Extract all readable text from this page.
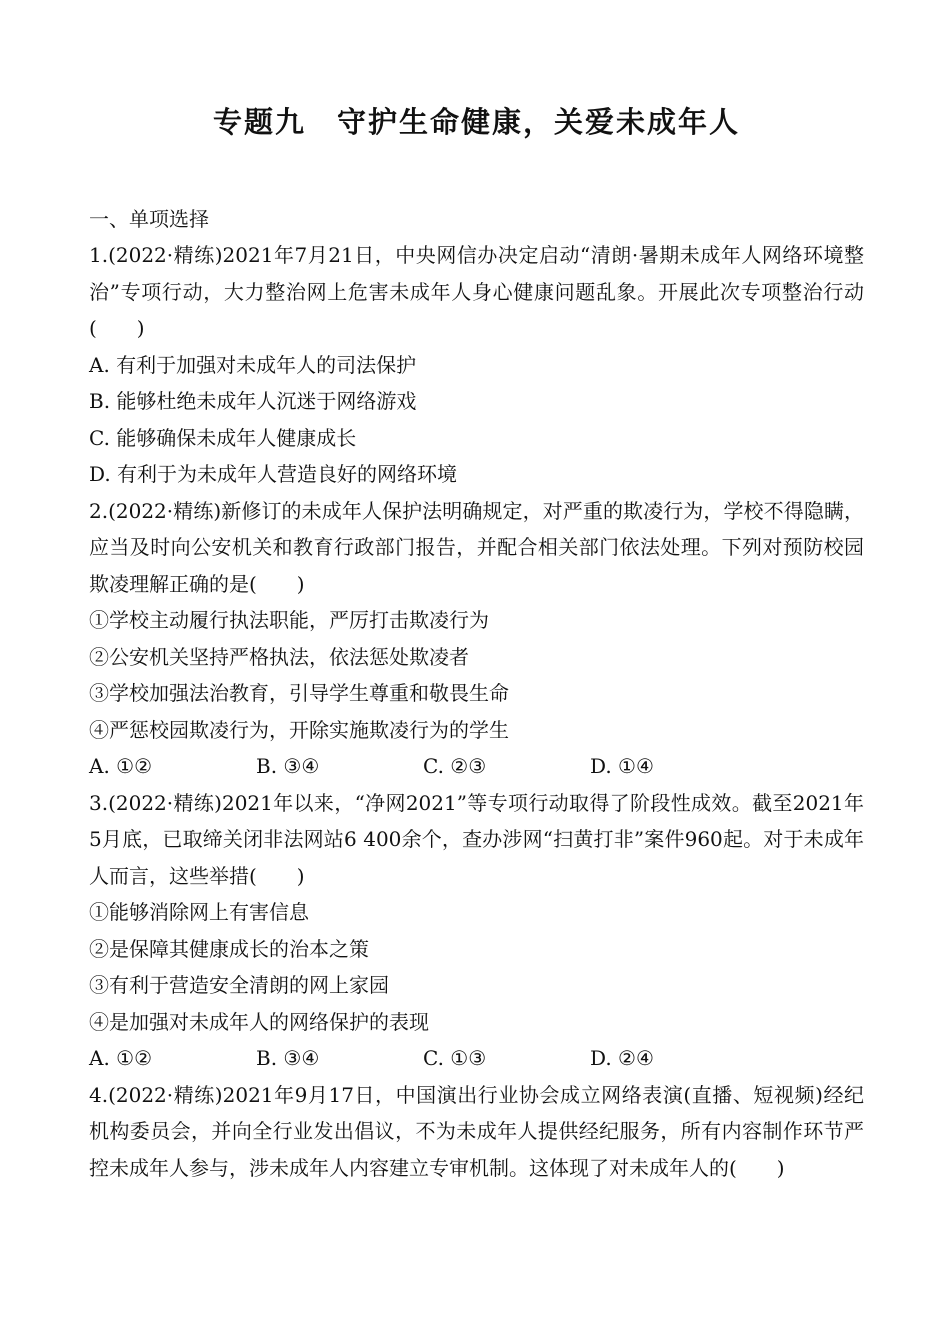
专题九　守护生命健康，关爱未成年人

一、单项选择

1.(2022·精练)2021年7月21日，中央网信办决定启动“清朗·暑期未成年人网络环境整治”专项行动，大力整治网上危害未成年人身心健康问题乱象。开展此次专项整治行动(　　)

A. 有利于加强对未成年人的司法保护

B. 能够杜绝未成年人沉迷于网络游戏

C. 能够确保未成年人健康成长

D. 有利于为未成年人营造良好的网络环境

2.(2022·精练)新修订的未成年人保护法明确规定，对严重的欺凌行为，学校不得隐瞒，应当及时向公安机关和教育行政部门报告，并配合相关部门依法处理。下列对预防校园欺凌理解正确的是(　　)

①学校主动履行执法职能，严厉打击欺凌行为

②公安机关坚持严格执法，依法惩处欺凌者

③学校加强法治教育，引导学生尊重和敬畏生命

④严惩校园欺凌行为，开除实施欺凌行为的学生

A. ①②	B. ③④	C. ②③	D. ①④

3.(2022·精练)2021年以来，“净网2021”等专项行动取得了阶段性成效。截至2021年5月底，已取缔关闭非法网站6 400余个，查办涉网“扫黄打非”案件960起。对于未成年人而言，这些举措(　　)

①能够消除网上有害信息

②是保障其健康成长的治本之策

③有利于营造安全清朗的网上家园

④是加强对未成年人的网络保护的表现

A. ①②	B. ③④	C. ①③	D. ②④

4.(2022·精练)2021年9月17日，中国演出行业协会成立网络表演(直播、短视频)经纪机构委员会，并向全行业发出倡议，不为未成年人提供经纪服务，所有内容制作环节严控未成年人参与，涉未成年人内容建立专审机制。这体现了对未成年人的(　　)
